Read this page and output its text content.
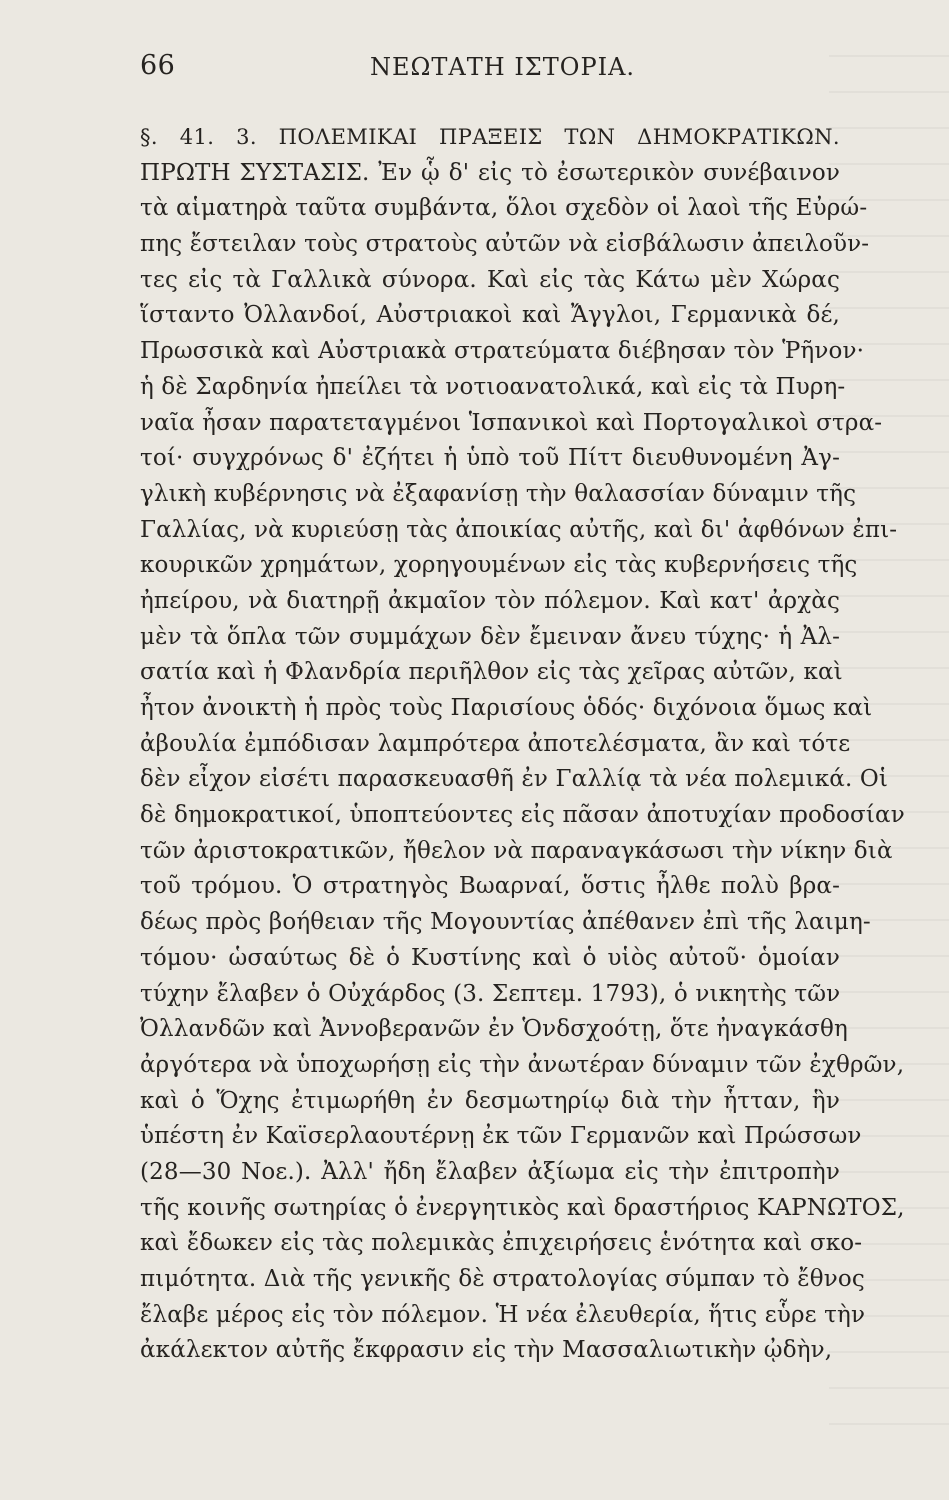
66	ΝΕΩΤΑΤΗ ΙΣΤΟΡΙΑ.
§. 41. 3. ΠΟΛΕΜΙΚΑΙ ΠΡΑΞΕΙΣ ΤΩΝ ΔΗΜΟΚΡΑΤΙΚΩΝ.
ΠΡΩΤΗ ΣΥΣΤΑΣΙΣ. Ἐν ᾧ δ' εἰς τὸ ἐσωτερικὸν συνέβαινον
τὰ αἱματηρὰ ταῦτα συμβάντα, ὅλοι σχεδὸν οἱ λαοὶ τῆς Εὐρώ-
πης ἔστειλαν τοὺς στρατοὺς αὐτῶν νὰ εἰσβάλωσιν ἀπειλοῦν-
τες εἰς τὰ Γαλλικὰ σύνορα. Καὶ εἰς τὰς Κάτω μὲν Χώρας
ἵσταντο Ὀλλανδοί, Αὐστριακοὶ καὶ Ἄγγλοι, Γερμανικὰ δέ,
Πρωσσικὰ καὶ Αὐστριακὰ στρατεύματα διέβησαν τὸν Ῥῆνον·
ἡ δὲ Σαρδηνία ἠπείλει τὰ νοτιοανατολικά, καὶ εἰς τὰ Πυρη-
ναῖα ἦσαν παρατεταγμένοι Ἱσπανικοὶ καὶ Πορτογαλικοὶ στρα-
τοί· συγχρόνως δ' ἐζήτει ἡ ὑπὸ τοῦ Πίττ διευθυνομένη Ἀγ-
γλικὴ κυβέρνησις νὰ ἐξαφανίσῃ τὴν θαλασσίαν δύναμιν τῆς
Γαλλίας, νὰ κυριεύσῃ τὰς ἀποικίας αὐτῆς, καὶ δι' ἀφθόνων ἐπι-
κουρικῶν χρημάτων, χορηγουμένων εἰς τὰς κυβερνήσεις τῆς
ἠπείρου, νὰ διατηρῇ ἀκμαῖον τὸν πόλεμον. Καὶ κατ' ἀρχὰς
μὲν τὰ ὅπλα τῶν συμμάχων δὲν ἔμειναν ἄνευ τύχης· ἡ Ἀλ-
σατία καὶ ἡ Φλανδρία περιῆλθον εἰς τὰς χεῖρας αὐτῶν, καὶ
ἦτον ἀνοικτὴ ἡ πρὸς τοὺς Παρισίους ὁδός· διχόνοια ὅμως καὶ
ἀβουλία ἐμπόδισαν λαμπρότερα ἀποτελέσματα, ἂν καὶ τότε
δὲν εἶχον εἰσέτι παρασκευασθῆ ἐν Γαλλίᾳ τὰ νέα πολεμικά. Οἱ
δὲ δημοκρατικοί, ὑποπτεύοντες εἰς πᾶσαν ἀποτυχίαν προδοσίαν
τῶν ἀριστοκρατικῶν, ἤθελον νὰ παραναγκάσωσι τὴν νίκην διὰ
τοῦ τρόμου. Ὁ στρατηγὸς Βωαρναί, ὅστις ἦλθε πολὺ βρα-
δέως πρὸς βοήθειαν τῆς Μογουντίας ἀπέθανεν ἐπὶ τῆς λαιμη-
τόμου· ὡσαύτως δὲ ὁ Κυστίνης καὶ ὁ υἱὸς αὐτοῦ· ὁμοίαν
τύχην ἔλαβεν ὁ Οὐχάρδος (3. Σεπτεμ. 1793), ὁ νικητὴς τῶν
Ὀλλανδῶν καὶ Ἀννοβερανῶν ἐν Ὁνδσχοότῃ, ὅτε ἠναγκάσθη
ἀργότερα νὰ ὑποχωρήσῃ εἰς τὴν ἀνωτέραν δύναμιν τῶν ἐχθρῶν,
καὶ ὁ Ὅχης ἐτιμωρήθη ἐν δεσμωτηρίῳ διὰ τὴν ἧτταν, ἣν
ὑπέστη ἐν Καϊσερλαουτέρνῃ ἐκ τῶν Γερμανῶν καὶ Πρώσσων
(28—30 Νοε.). Ἀλλ' ἤδη ἔλαβεν ἀξίωμα εἰς τὴν ἐπιτροπὴν
τῆς κοινῆς σωτηρίας ὁ ἐνεργητικὸς καὶ δραστήριος ΚΑΡΝΩΤΟΣ,
καὶ ἔδωκεν εἰς τὰς πολεμικὰς ἐπιχειρήσεις ἑνότητα καὶ σκο-
πιμότητα. Διὰ τῆς γενικῆς δὲ στρατολογίας σύμπαν τὸ ἔθνος
ἔλαβε μέρος εἰς τὸν πόλεμον. Ἡ νέα ἐλευθερία, ἥτις εὗρε τὴν
ἀκάλεκτον αὐτῆς ἔκφρασιν εἰς τὴν Μασσαλιωτικὴν ᾠδὴν,
